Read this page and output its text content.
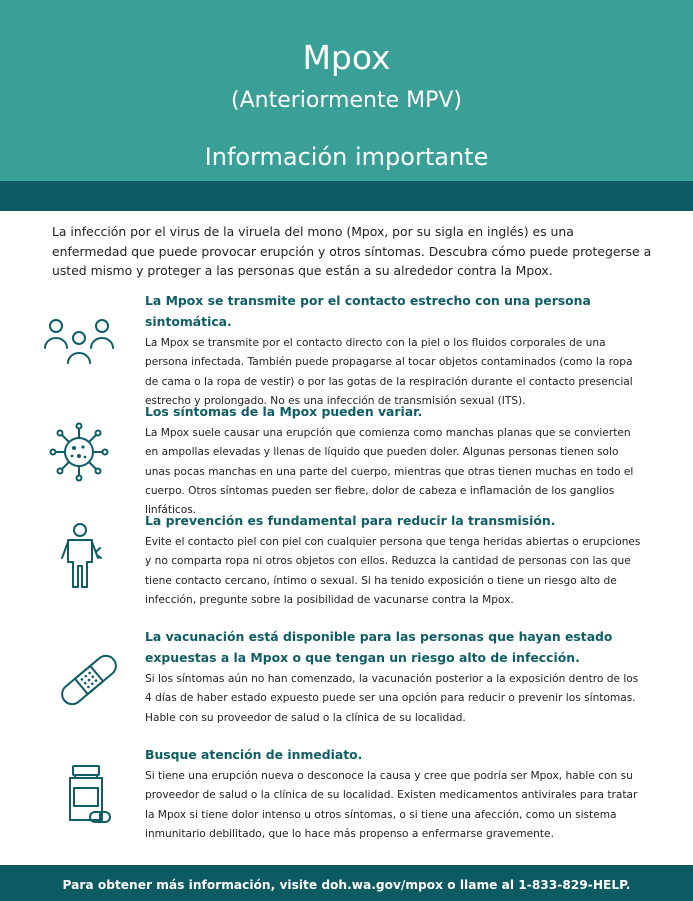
Mpox
(Anteriormente MPV)
Información importante
La infección por el virus de la viruela del mono (Mpox, por su sigla en inglés) es una enfermedad que puede provocar erupción y otros síntomas. Descubra cómo puede protegerse a usted mismo y proteger a las personas que están a su alrededor contra la Mpox.
La Mpox se transmite por el contacto estrecho con una persona sintomática.
La Mpox se transmite por el contacto directo con la piel o los fluidos corporales de una persona infectada. También puede propagarse al tocar objetos contaminados (como la ropa de cama o la ropa de vestir) o por las gotas de la respiración durante el contacto presencial estrecho y prolongado. No es una infección de transmisión sexual (ITS).
Los síntomas de la Mpox pueden variar.
La Mpox suele causar una erupción que comienza como manchas planas que se convierten en ampollas elevadas y llenas de líquido que pueden doler. Algunas personas tienen solo unas pocas manchas en una parte del cuerpo, mientras que otras tienen muchas en todo el cuerpo. Otros síntomas pueden ser fiebre, dolor de cabeza e inflamación de los ganglios linfáticos.
La prevención es fundamental para reducir la transmisión.
Evite el contacto piel con piel con cualquier persona que tenga heridas abiertas o erupciones y no comparta ropa ni otros objetos con ellos. Reduzca la cantidad de personas con las que tiene contacto cercano, íntimo o sexual. Si ha tenido exposición o tiene un riesgo alto de infección, pregunte sobre la posibilidad de vacunarse contra la Mpox.
La vacunación está disponible para las personas que hayan estado expuestas a la Mpox o que tengan un riesgo alto de infección.
Si los síntomas aún no han comenzado, la vacunación posterior a la exposición dentro de los 4 días de haber estado expuesto puede ser una opción para reducir o prevenir los síntomas. Hable con su proveedor de salud o la clínica de su localidad.
Busque atención de inmediato.
Si tiene una erupción nueva o desconoce la causa y cree que podría ser Mpox, hable con su proveedor de salud o la clínica de su localidad. Existen medicamentos antivirales para tratar la Mpox si tiene dolor intenso u otros síntomas, o si tiene una afección, como un sistema inmunitario debilitado, que lo hace más propenso a enfermarse gravemente.
Para obtener más información, visite doh.wa.gov/mpox o llame al 1-833-829-HELP.
